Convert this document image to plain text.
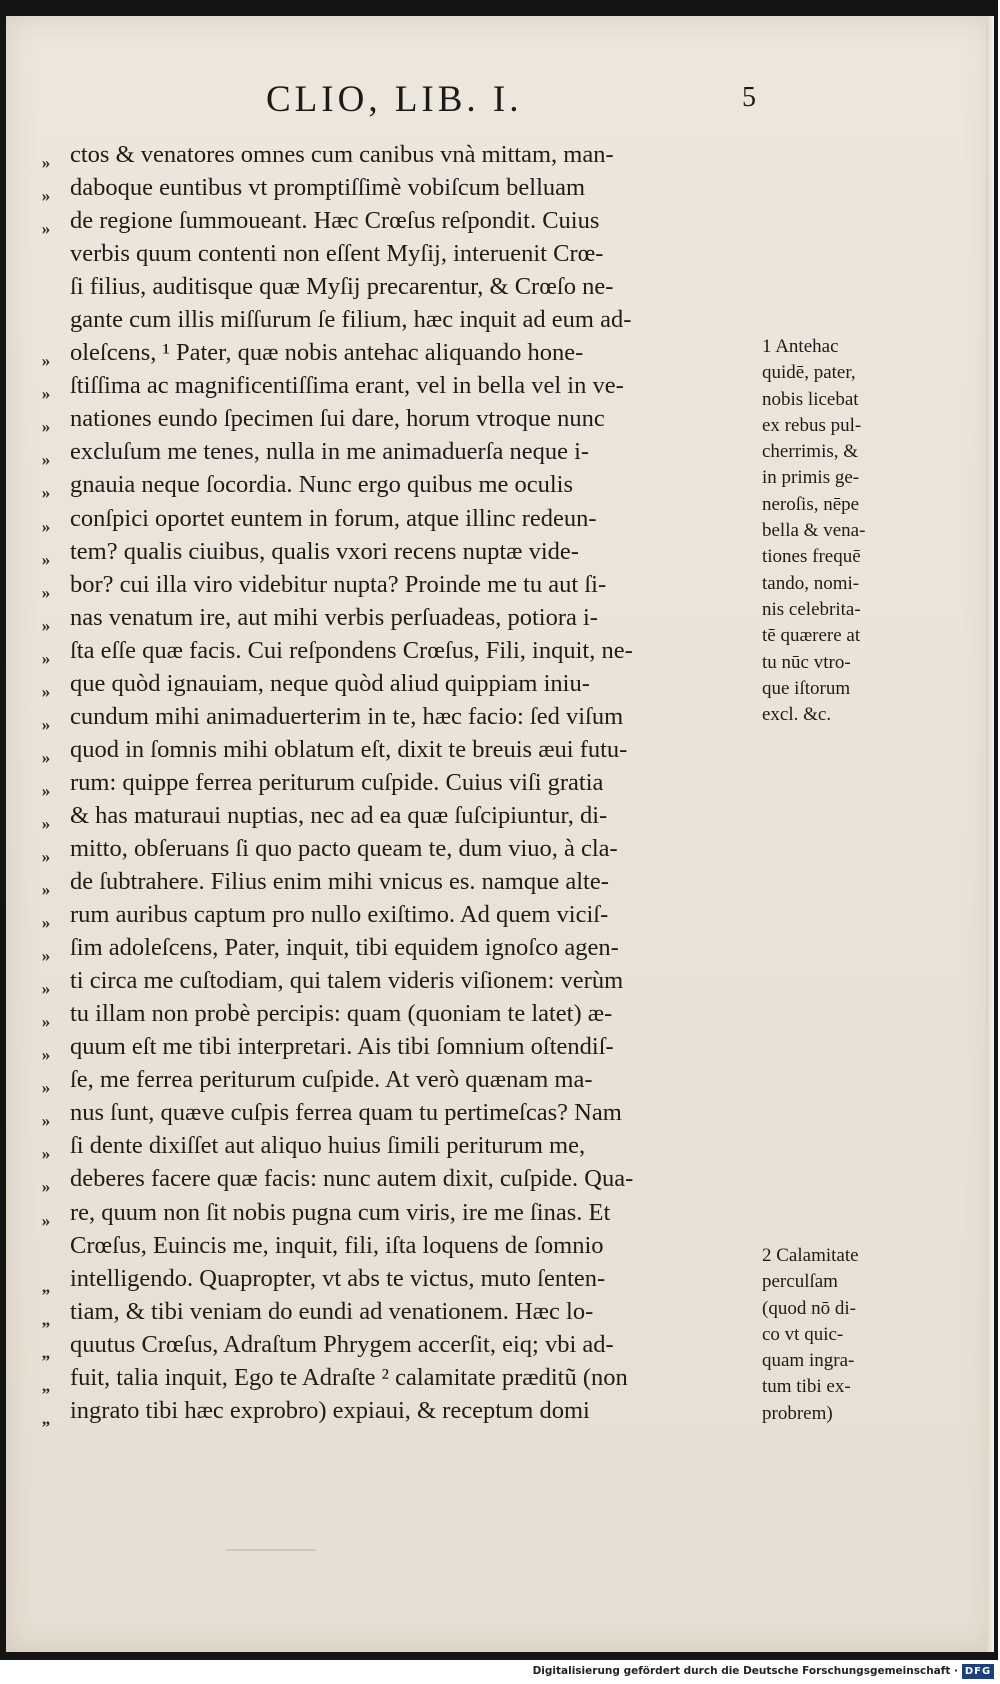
CLIO, LIB. I.	5
»
»
»
»
»
»
»
»
»
»
»
»
»
»
»
»
»
»
»
»
»
»
»
»
»
»
»
»
»
»
„
„
„
„
„
ctos & venatores omnes cum canibus vnà mittam, man-
daboque euntibus vt promptiſſimè vobiſcum belluam
de regione ſummoueant. Hæc Crœſus reſpondit. Cuius
verbis quum contenti non eſſent Myſij, interuenit Crœ-
ſi filius, auditisque quæ Myſij precarentur, & Crœſo ne-
gante cum illis miſſurum ſe filium, hæc inquit ad eum ad-
oleſcens, ¹ Pater, quæ nobis antehac aliquando hone-
ſtiſſima ac magnificentiſſima erant, vel in bella vel in ve-
nationes eundo ſpecimen ſui dare, horum vtroque nunc
excluſum me tenes, nulla in me animaduerſa neque i-
gnauia neque ſocordia. Nunc ergo quibus me oculis
conſpici oportet euntem in forum, atque illinc redeun-
tem? qualis ciuibus, qualis vxori recens nuptæ vide-
bor? cui illa viro videbitur nupta? Proinde me tu aut ſi-
nas venatum ire, aut mihi verbis perſuadeas, potiora i-
ſta eſſe quæ facis. Cui reſpondens Crœſus, Fili, inquit, ne-
que quòd ignauiam, neque quòd aliud quippiam iniu-
cundum mihi animaduerterim in te, hæc facio: ſed viſum
quod in ſomnis mihi oblatum eſt, dixit te breuis æui futu-
rum: quippe ferrea periturum cuſpide. Cuius viſi gratia
& has maturaui nuptias, nec ad ea quæ ſuſcipiuntur, di-
mitto, obſeruans ſi quo pacto queam te, dum viuo, à cla-
de ſubtrahere. Filius enim mihi vnicus es. namque alte-
rum auribus captum pro nullo exiſtimo. Ad quem viciſ-
ſim adoleſcens, Pater, inquit, tibi equidem ignoſco agen-
ti circa me cuſtodiam, qui talem videris viſionem: verùm
tu illam non probè percipis: quam (quoniam te latet) æ-
quum eſt me tibi interpretari. Ais tibi ſomnium oſtendiſ-
ſe, me ferrea periturum cuſpide. At verò quænam ma-
nus ſunt, quæve cuſpis ferrea quam tu pertimeſcas? Nam
ſi dente dixiſſet aut aliquo huius ſimili periturum me,
deberes facere quæ facis: nunc autem dixit, cuſpide. Qua-
re, quum non ſit nobis pugna cum viris, ire me ſinas. Et
Crœſus, Euincis me, inquit, fili, iſta loquens de ſomnio
intelligendo. Quapropter, vt abs te victus, muto ſenten-
tiam, & tibi veniam do eundi ad venationem. Hæc lo-
quutus Crœſus, Adraſtum Phrygem accerſit, eiq; vbi ad-
fuit, talia inquit, Ego te Adraſte ² calamitate præditũ (non
ingrato tibi hæc exprobro) expiaui, & receptum domi
1 Antehac
quidē, pater,
nobis licebat
ex rebus pul-
cherrimis, &
in primis ge-
neroſis, nēpe
bella & vena-
tiones frequē
tando, nomi-
nis celebrita-
tē quærere at
tu nūc vtro-
que iſtorum
excl. &c.
2 Calamitate
perculſam
(quod nō di-
co vt quic-
quam ingra-
tum tibi ex-
probrem)
Digitalisierung gefördert durch die Deutsche Forschungsgemeinschaft · DFG
